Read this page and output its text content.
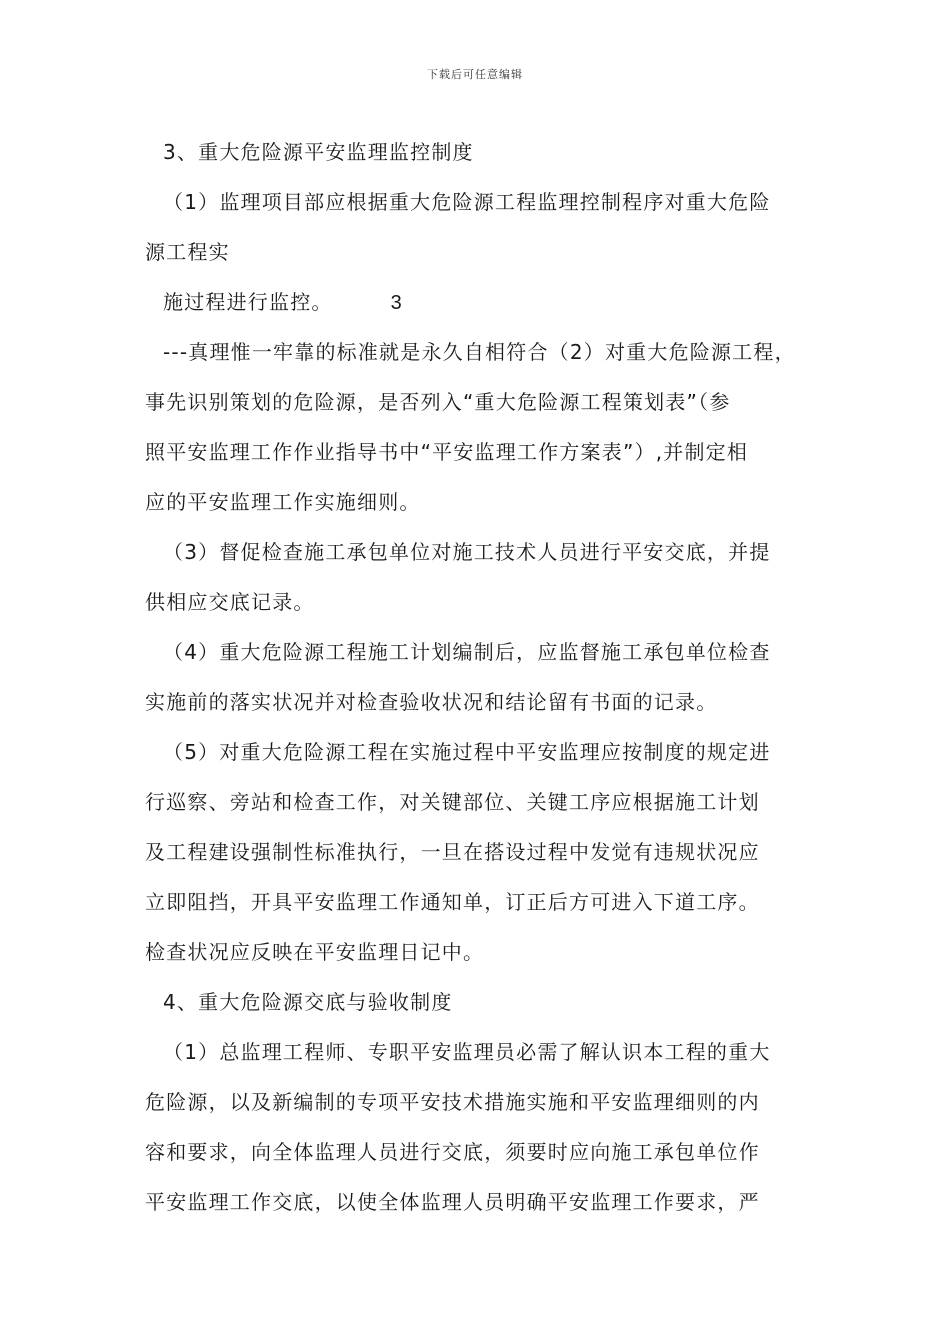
下载后可任意编辑
3、重大危险源平安监理监控制度
（1）监理项目部应根据重大危险源工程监理控制程序对重大危险
源工程实
施过程进行监控。	3
---真理惟一牢靠的标准就是永久自相符合（2）对重大危险源工程，
事先识别策划的危险源，是否列入“重大危险源工程策划表”（参
照平安监理工作作业指导书中“平安监理工作方案表”）,并制定相
应的平安监理工作实施细则。
（3）督促检查施工承包单位对施工技术人员进行平安交底，并提
供相应交底记录。
（4）重大危险源工程施工计划编制后，应监督施工承包单位检查
实施前的落实状况并对检查验收状况和结论留有书面的记录。
（5）对重大危险源工程在实施过程中平安监理应按制度的规定进
行巡察、旁站和检查工作，对关键部位、关键工序应根据施工计划
及工程建设强制性标准执行，一旦在搭设过程中发觉有违规状况应
立即阻挡，开具平安监理工作通知单，订正后方可进入下道工序。
检查状况应反映在平安监理日记中。
4、重大危险源交底与验收制度
（1）总监理工程师、专职平安监理员必需了解认识本工程的重大
危险源，以及新编制的专项平安技术措施实施和平安监理细则的内
容和要求，向全体监理人员进行交底，须要时应向施工承包单位作
平安监理工作交底，以使全体监理人员明确平安监理工作要求，严
